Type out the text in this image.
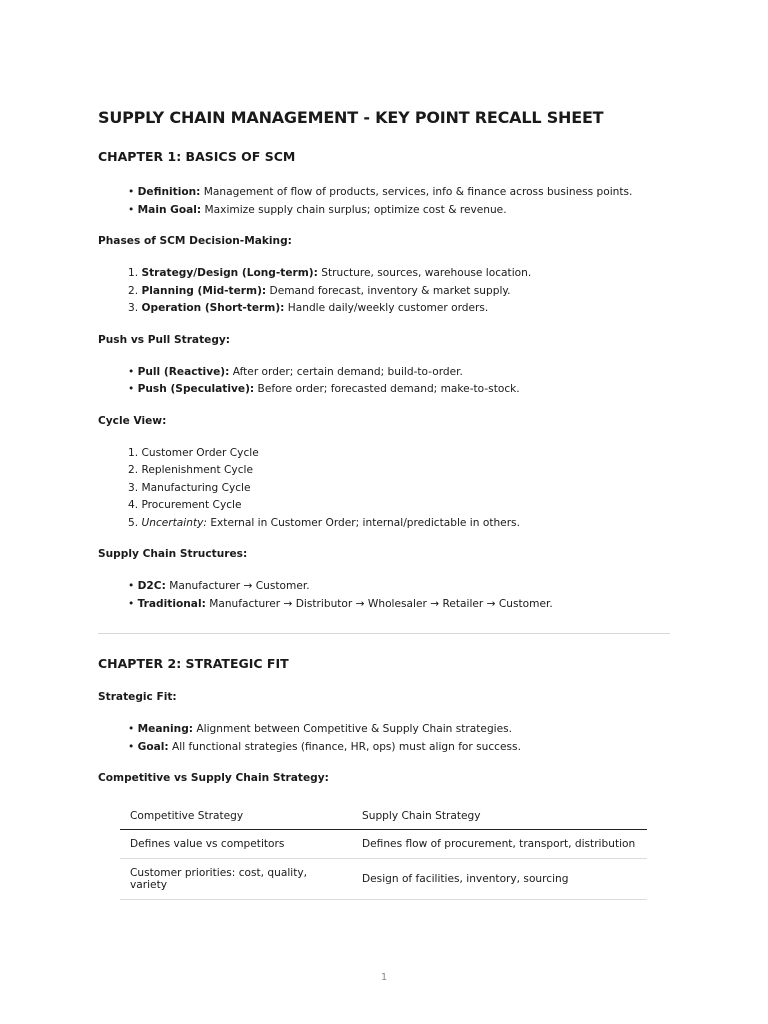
SUPPLY CHAIN MANAGEMENT - KEY POINT RECALL SHEET
CHAPTER 1: BASICS OF SCM
• Definition: Management of flow of products, services, info & finance across business points.
• Main Goal: Maximize supply chain surplus; optimize cost & revenue.
Phases of SCM Decision-Making:
1. Strategy/Design (Long-term): Structure, sources, warehouse location.
2. Planning (Mid-term): Demand forecast, inventory & market supply.
3. Operation (Short-term): Handle daily/weekly customer orders.
Push vs Pull Strategy:
• Pull (Reactive): After order; certain demand; build-to-order.
• Push (Speculative): Before order; forecasted demand; make-to-stock.
Cycle View:
1. Customer Order Cycle
2. Replenishment Cycle
3. Manufacturing Cycle
4. Procurement Cycle
5. Uncertainty: External in Customer Order; internal/predictable in others.
Supply Chain Structures:
• D2C: Manufacturer → Customer.
• Traditional: Manufacturer → Distributor → Wholesaler → Retailer → Customer.
CHAPTER 2: STRATEGIC FIT
Strategic Fit:
• Meaning: Alignment between Competitive & Supply Chain strategies.
• Goal: All functional strategies (finance, HR, ops) must align for success.
Competitive vs Supply Chain Strategy:
Competitive Strategy	Supply Chain Strategy
Defines value vs competitors	Defines flow of procurement, transport, distribution
Customer priorities: cost, quality, variety	Design of facilities, inventory, sourcing
1
